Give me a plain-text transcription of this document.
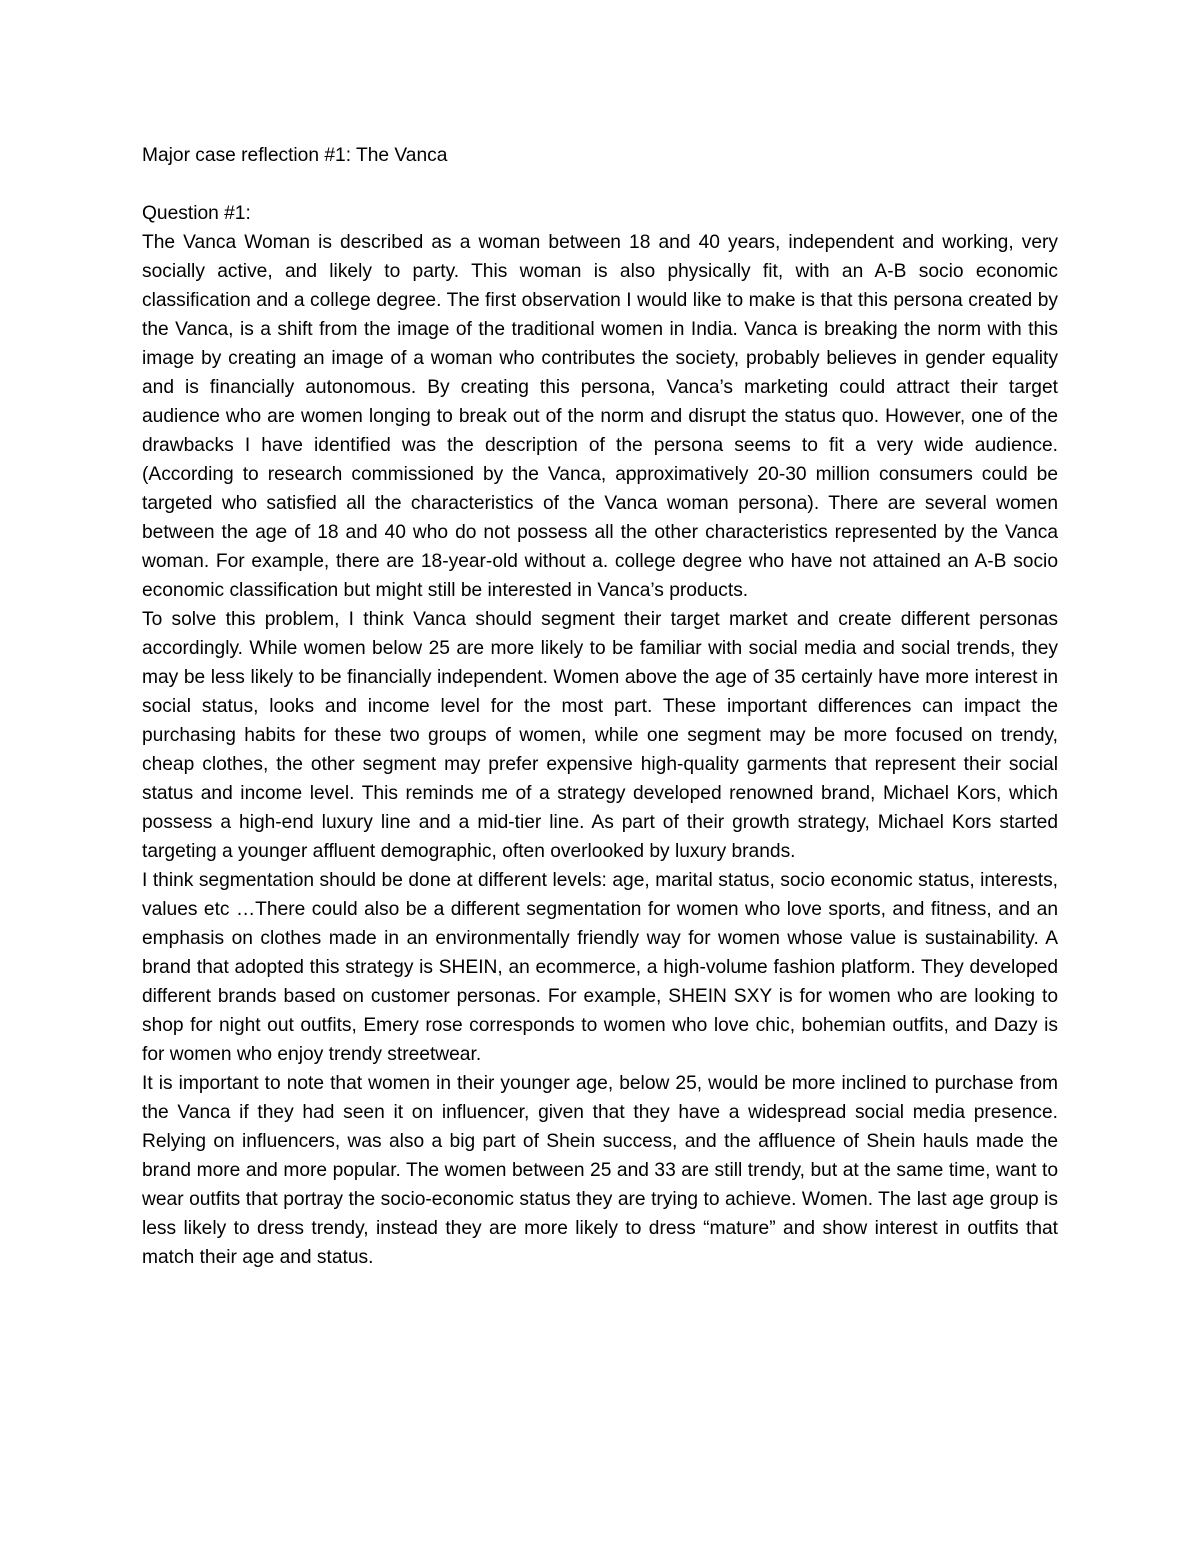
Major case reflection #1: The Vanca

Question #1:

The Vanca Woman is described as a woman between 18 and 40 years, independent and working, very socially active, and likely to party. This woman is also physically fit, with an A-B socio economic classification and a college degree. The first observation I would like to make is that this persona created by the Vanca, is a shift from the image of the traditional women in India. Vanca is breaking the norm with this image by creating an image of a woman who contributes the society, probably believes in gender equality and is financially autonomous. By creating this persona, Vanca’s marketing could attract their target audience who are women longing to break out of the norm and disrupt the status quo. However, one of the drawbacks I have identified was the description of the persona seems to fit a very wide audience. (According to research commissioned by the Vanca, approximatively 20-30 million consumers could be targeted who satisfied all the characteristics of the Vanca woman persona). There are several women between the age of 18 and 40 who do not possess all the other characteristics represented by the Vanca woman. For example, there are 18-year-old without a. college degree who have not attained an A-B socio economic classification but might still be interested in Vanca’s products.

To solve this problem, I think Vanca should segment their target market and create different personas accordingly. While women below 25 are more likely to be familiar with social media and social trends, they may be less likely to be financially independent. Women above the age of 35 certainly have more interest in social status, looks and income level for the most part. These important differences can impact the purchasing habits for these two groups of women, while one segment may be more focused on trendy, cheap clothes, the other segment may prefer expensive high-quality garments that represent their social status and income level. This reminds me of a strategy developed renowned brand, Michael Kors, which possess a high-end luxury line and a mid-tier line. As part of their growth strategy, Michael Kors started targeting a younger affluent demographic, often overlooked by luxury brands.

I think segmentation should be done at different levels: age, marital status, socio economic status, interests, values etc …There could also be a different segmentation for women who love sports, and fitness, and an emphasis on clothes made in an environmentally friendly way for women whose value is sustainability. A brand that adopted this strategy is SHEIN, an ecommerce, a high-volume fashion platform. They developed different brands based on customer personas. For example, SHEIN SXY is for women who are looking to shop for night out outfits, Emery rose corresponds to women who love chic, bohemian outfits, and Dazy is for women who enjoy trendy streetwear.

It is important to note that women in their younger age, below 25, would be more inclined to purchase from the Vanca if they had seen it on influencer, given that they have a widespread social media presence. Relying on influencers, was also a big part of Shein success, and the affluence of Shein hauls made the brand more and more popular. The women between 25 and 33 are still trendy, but at the same time, want to wear outfits that portray the socio-economic status they are trying to achieve. Women. The last age group is less likely to dress trendy, instead they are more likely to dress “mature” and show interest in outfits that match their age and status.
